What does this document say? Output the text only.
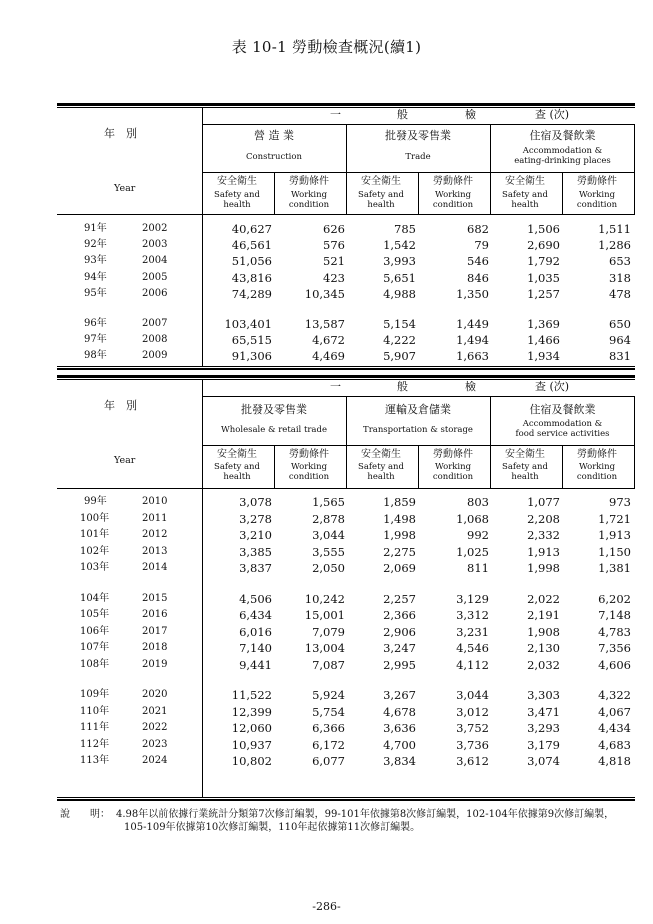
表 10-1 勞動檢查概況(續1)
一	般	檢	查 (次)
年　別
Year
營 造 業
Construction
批發及零售業
Trade
住宿及餐飲業
Accommodation &
eating-drinking places
安全衛生
Safety and
health
勞動條件
Working
condition
安全衛生
Safety and
health
勞動條件
Working
condition
安全衛生
Safety and
health
勞動條件
Working
condition
91年	2002	40,627	626	785	682	1,506	1,511
92年	2003	46,561	576	1,542	79	2,690	1,286
93年	2004	51,056	521	3,993	546	1,792	653
94年	2005	43,816	423	5,651	846	1,035	318
95年	2006	74,289	10,345	4,988	1,350	1,257	478
96年	2007	103,401	13,587	5,154	1,449	1,369	650
97年	2008	65,515	4,672	4,222	1,494	1,466	964
98年	2009	91,306	4,469	5,907	1,663	1,934	831
一	般	檢	查 (次)
年　別
Year
批發及零售業
Wholesale & retail trade
運輸及倉儲業
Transportation & storage
住宿及餐飲業
Accommodation &
food service activities
安全衛生
Safety and
health
勞動條件
Working
condition
安全衛生
Safety and
health
勞動條件
Working
condition
安全衛生
Safety and
health
勞動條件
Working
condition
99年	2010	3,078	1,565	1,859	803	1,077	973
100年	2011	3,278	2,878	1,498	1,068	2,208	1,721
101年	2012	3,210	3,044	1,998	992	2,332	1,913
102年	2013	3,385	3,555	2,275	1,025	1,913	1,150
103年	2014	3,837	2,050	2,069	811	1,998	1,381
104年	2015	4,506	10,242	2,257	3,129	2,022	6,202
105年	2016	6,434	15,001	2,366	3,312	2,191	7,148
106年	2017	6,016	7,079	2,906	3,231	1,908	4,783
107年	2018	7,140	13,004	3,247	4,546	2,130	7,356
108年	2019	9,441	7,087	2,995	4,112	2,032	4,606
109年	2020	11,522	5,924	3,267	3,044	3,303	4,322
110年	2021	12,399	5,754	4,678	3,012	3,471	4,067
111年	2022	12,060	6,366	3,636	3,752	3,293	4,434
112年	2023	10,937	6,172	4,700	3,736	3,179	4,683
113年	2024	10,802	6,077	3,834	3,612	3,074	4,818
說　　明： 4.98年以前依據行業統計分類第7次修訂編製，99-101年依據第8次修訂編製，102-104年依據第9次修訂編製，
105-109年依據第10次修訂編製，110年起依據第11次修訂編製。
-286-
